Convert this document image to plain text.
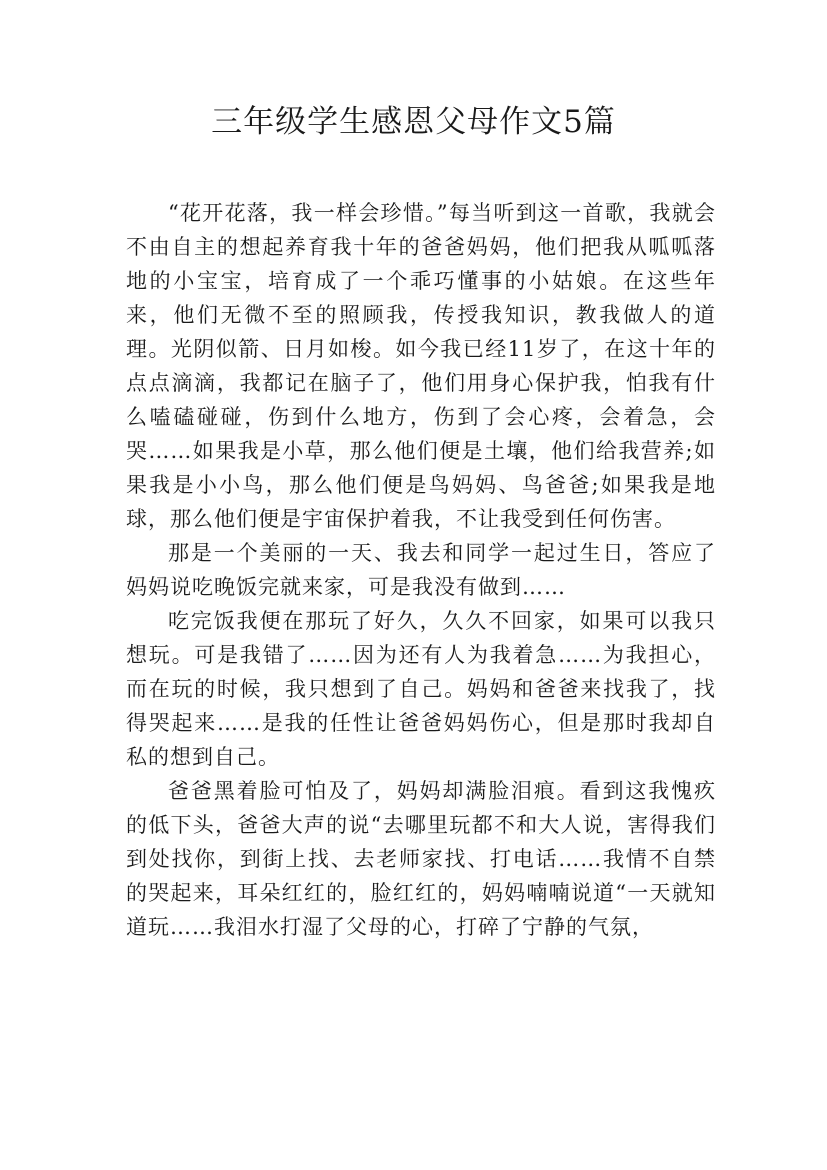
三年级学生感恩父母作文5篇

“花开花落，我一样会珍惜。”每当听到这一首歌，我就会不由自主的想起养育我十年的爸爸妈妈，他们把我从呱呱落地的小宝宝，培育成了一个乖巧懂事的小姑娘。在这些年来，他们无微不至的照顾我，传授我知识，教我做人的道理。光阴似箭、日月如梭。如今我已经11岁了，在这十年的点点滴滴，我都记在脑子了，他们用身心保护我，怕我有什么嗑磕碰碰，伤到什么地方，伤到了会心疼，会着急，会哭……如果我是小草，那么他们便是土壤，他们给我营养;如果我是小小鸟，那么他们便是鸟妈妈、鸟爸爸;如果我是地球，那么他们便是宇宙保护着我，不让我受到任何伤害。

那是一个美丽的一天、我去和同学一起过生日，答应了妈妈说吃晚饭完就来家，可是我没有做到……

吃完饭我便在那玩了好久，久久不回家，如果可以我只想玩。可是我错了……因为还有人为我着急……为我担心，而在玩的时候，我只想到了自己。妈妈和爸爸来找我了，找得哭起来……是我的任性让爸爸妈妈伤心，但是那时我却自私的想到自己。

爸爸黑着脸可怕及了，妈妈却满脸泪痕。看到这我愧疚的低下头，爸爸大声的说“去哪里玩都不和大人说，害得我们到处找你，到街上找、去老师家找、打电话……我情不自禁的哭起来，耳朵红红的，脸红红的，妈妈喃喃说道“一天就知道玩……我泪水打湿了父母的心，打碎了宁静的气氛，
